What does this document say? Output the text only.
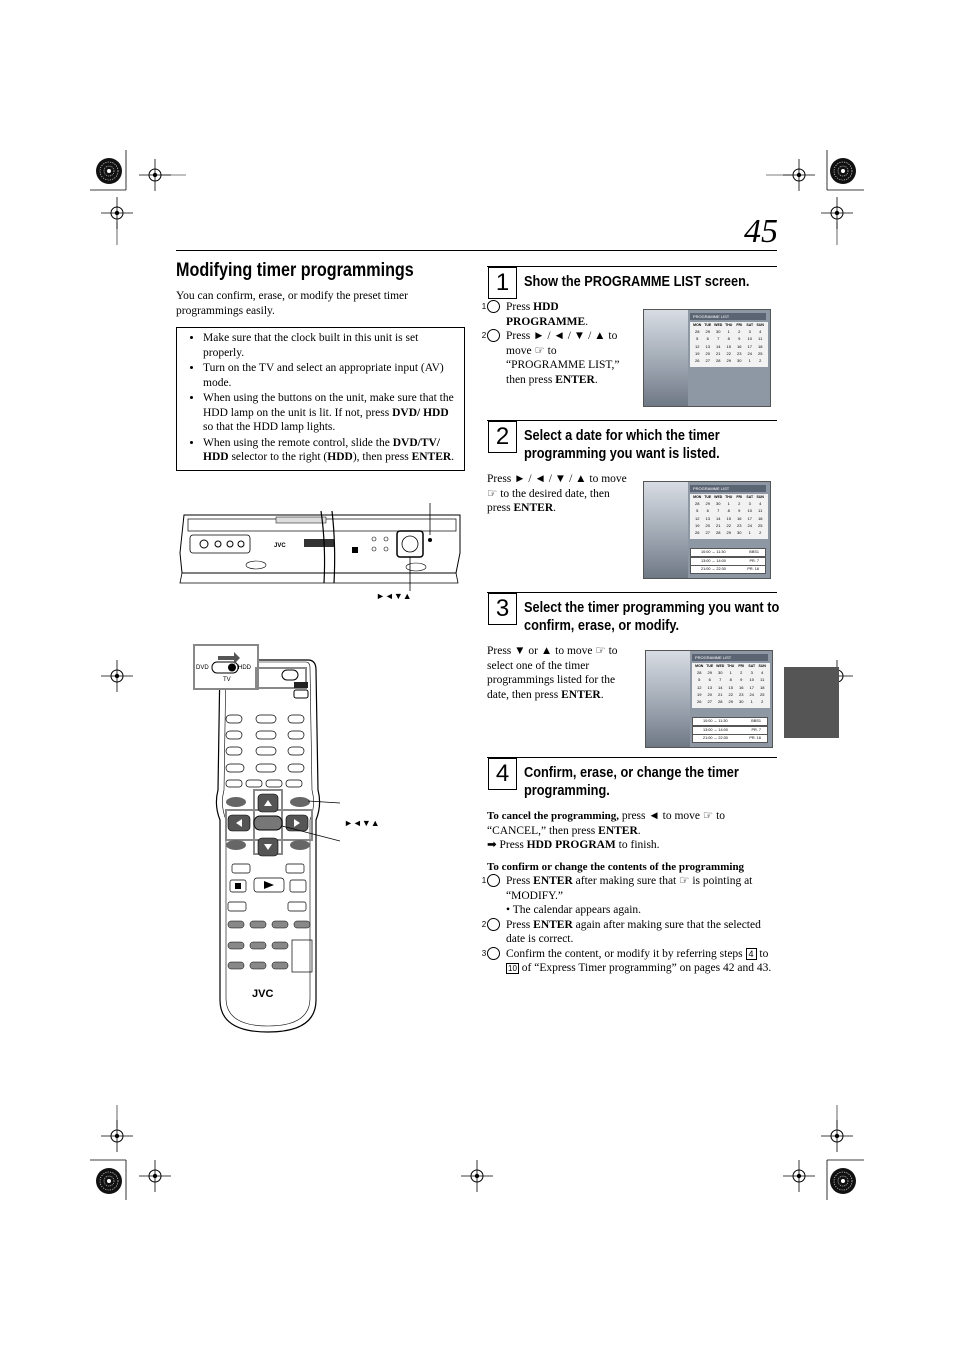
45
Modifying timer programmings
You can confirm, erase, or modify the preset timer programmings easily.
• Make sure that the clock built in this unit is set properly.
• Turn on the TV and select an appropriate input (AV) mode.
• When using the buttons on the unit, make sure that the HDD lamp on the unit is lit. If not, press DVD/ HDD so that the HDD lamp lights.
• When using the remote control, slide the DVD/TV/ HDD selector to the right (HDD), then press ENTER.
JVC
►◄▼▲
DVD	HDD
TV
JVC
►◄▼▲
1	Show the PROGRAMME LIST screen.
1 Press HDD PROGRAMME.
2 Press ► / ◄ / ▼ / ▲ to move ☞ to “PROGRAMME LIST,” then press ENTER.
2	Select a date for which the timer
programming you want is listed.
Press ► / ◄ / ▼ / ▲ to move ☞ to the desired date, then press ENTER.
3	Select the timer programming you want to
confirm, erase, or modify.
Press ▼ or ▲ to move ☞ to select one of the timer programmings listed for the date, then press ENTER.
4	Confirm, erase, or change the timer
programming.
To cancel the programming, press ◄ to move ☞ to “CANCEL,” then press ENTER.
➡ Press HDD PROGRAM to finish.
To confirm or change the contents of the programming
1 Press ENTER after making sure that ☞ is pointing at “MODIFY.”
• The calendar appears again.
2 Press ENTER again after making sure that the selected date is correct.
3 Confirm the content, or modify it by referring steps 4 to 10 of “Express Timer programming” on pages 42 and 43.
PROGRAMME LIST
MON TUE WED THU	FRI	SAT SUN
28	29	30	1	2	3	4
5	6	7	8	9	10	11
12	13	14	15	16	17	18
19	20	21	22	23	24	25
26	27	28	29	30	1	2
PROGRAMME LIST
MON TUE WED THU	FRI	SAT SUN
28	29	30	1	2	3	4
5	6	7	8	9	10	11
12	13	14	15	16	17	18
19	20	21	22	23	24	25
26	27	28	29	30	1	2
10:00 → 11:30	BBS1
13:00 → 14:00	PR. 7
21:00 → 22:30	PR. 16
PROGRAMME LIST
MON TUE WED THU	FRI	SAT SUN
28	29	30	1	2	3	4
5	6	7	8	9	10	11
12	13	14	15	16	17	18
19	20	21	22	23	24	25
26	27	28	29	30	1	2
10:00 → 11:30	BBS1
13:00 → 14:00	PR. 7
21:00 → 22:30	PR. 16
